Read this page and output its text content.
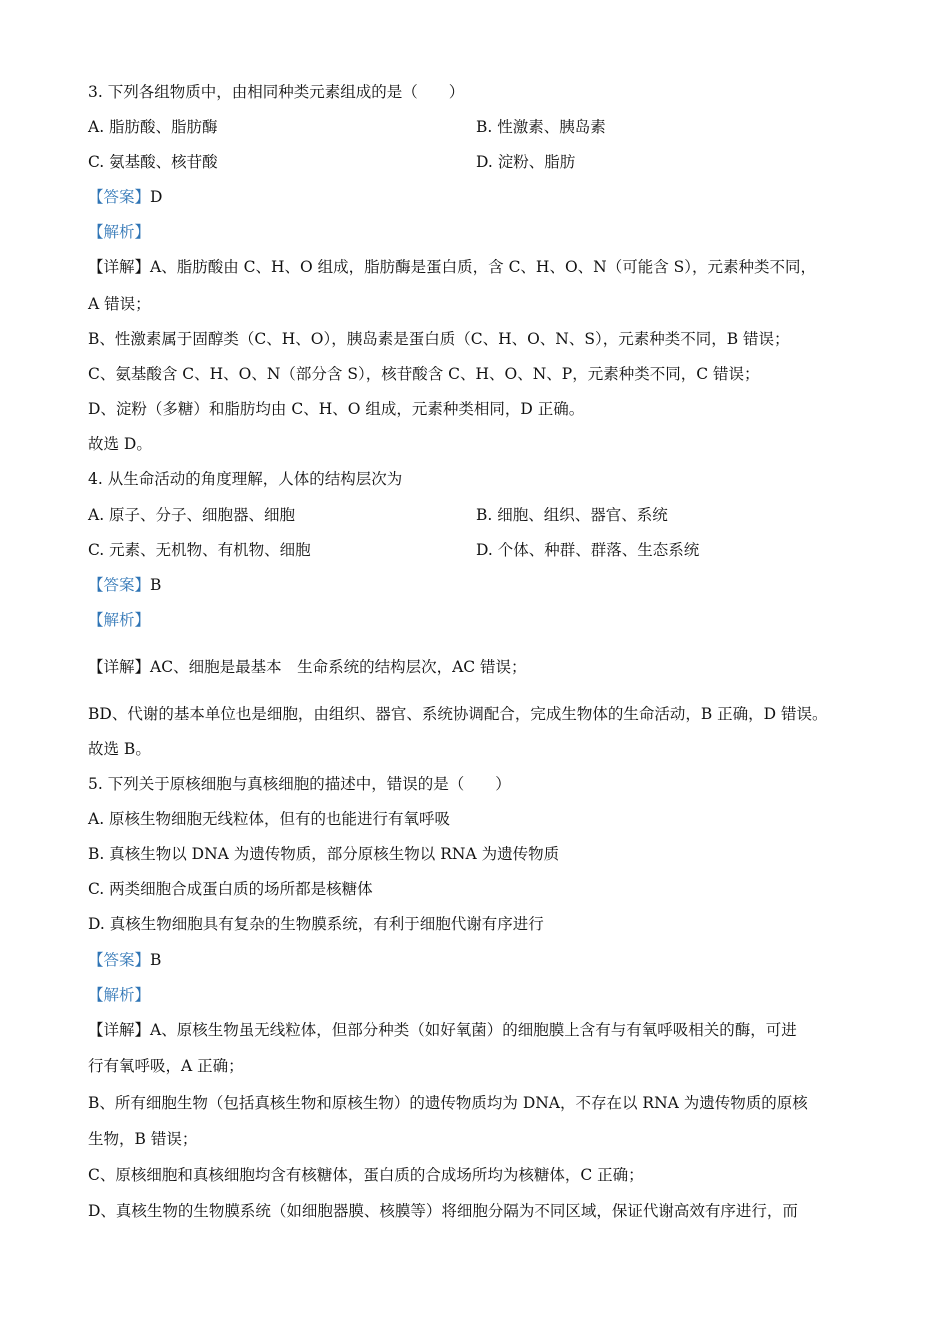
3. 下列各组物质中，由相同种类元素组成的是（　　）
A. 脂肪酸、脂肪酶	B. 性激素、胰岛素
C. 氨基酸、核苷酸	D. 淀粉、脂肪
【答案】D
【解析】
【详解】A、脂肪酸由 C、H、O 组成，脂肪酶是蛋白质，含 C、H、O、N（可能含 S），元素种类不同，
A 错误；
B、性激素属于固醇类（C、H、O），胰岛素是蛋白质（C、H、O、N、S），元素种类不同，B 错误；
C、氨基酸含 C、H、O、N（部分含 S），核苷酸含 C、H、O、N、P，元素种类不同，C 错误；
D、淀粉（多糖）和脂肪均由 C、H、O 组成，元素种类相同，D 正确。
故选 D。
4. 从生命活动的角度理解，人体的结构层次为
A. 原子、分子、细胞器、细胞	B. 细胞、组织、器官、系统
C. 元素、无机物、有机物、细胞	D. 个体、种群、群落、生态系统
【答案】B
【解析】
【详解】AC、细胞是最基本　生命系统的结构层次，AC 错误；
BD、代谢的基本单位也是细胞，由组织、器官、系统协调配合，完成生物体的生命活动，B 正确，D 错误。
故选 B。
5. 下列关于原核细胞与真核细胞的描述中，错误的是（　　）
A. 原核生物细胞无线粒体，但有的也能进行有氧呼吸
B. 真核生物以 DNA 为遗传物质，部分原核生物以 RNA 为遗传物质
C. 两类细胞合成蛋白质的场所都是核糖体
D. 真核生物细胞具有复杂的生物膜系统，有利于细胞代谢有序进行
【答案】B
【解析】
【详解】A、原核生物虽无线粒体，但部分种类（如好氧菌）的细胞膜上含有与有氧呼吸相关的酶，可进
行有氧呼吸，A 正确；
B、所有细胞生物（包括真核生物和原核生物）的遗传物质均为 DNA，不存在以 RNA 为遗传物质的原核
生物，B 错误；
C、原核细胞和真核细胞均含有核糖体，蛋白质的合成场所均为核糖体，C 正确；
D、真核生物的生物膜系统（如细胞器膜、核膜等）将细胞分隔为不同区域，保证代谢高效有序进行，而
